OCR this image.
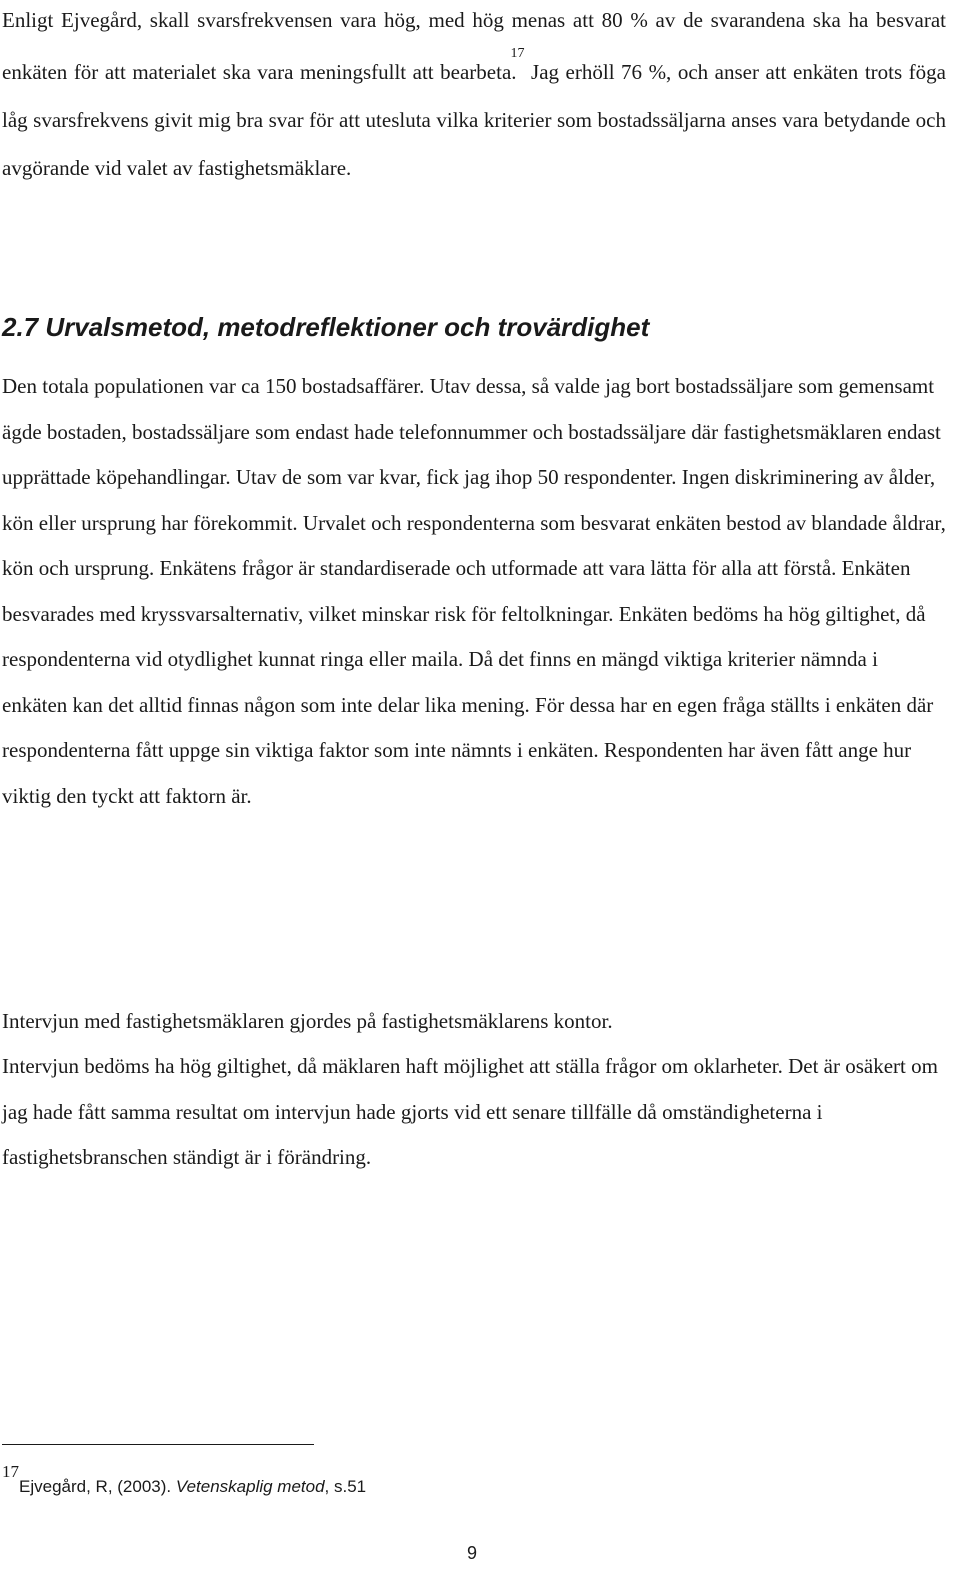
Enligt Ejvegård, skall svarsfrekvensen vara hög, med hög menas att 80 % av de svarandena ska ha besvarat enkäten för att materialet ska vara meningsfullt att bearbeta.$^{17}$ Jag erhöll 76 %, och anser att enkäten trots föga låg svarsfrekvens givit mig bra svar för att utesluta vilka kriterier som bostadssäljarna anses vara betydande och avgörande vid valet av fastighetsmäklare.

2.7 Urvalsmetod, metodreflektioner och trovärdighet

Den totala populationen var ca 150 bostadsaffärer. Utav dessa, så valde jag bort bostadssäljare som gemensamt ägde bostaden, bostadssäljare som endast hade telefonnummer och bostadssäljare där fastighetsmäklaren endast upprättade köpehandlingar. Utav de som var kvar, fick jag ihop 50 respondenter. Ingen diskriminering av ålder, kön eller ursprung har förekommit. Urvalet och respondenterna som besvarat enkäten bestod av blandade åldrar, kön och ursprung. Enkätens frågor är standardiserade och utformade att vara lätta för alla att förstå. Enkäten besvarades med kryssvarsalternativ, vilket minskar risk för feltolkningar. Enkäten bedöms ha hög giltighet, då respondenterna vid otydlighet kunnat ringa eller maila. Då det finns en mängd viktiga kriterier nämnda i enkäten kan det alltid finnas någon som inte delar lika mening. För dessa har en egen fråga ställts i enkäten där respondenterna fått uppge sin viktiga faktor som inte nämnts i enkäten. Respondenten har även fått ange hur viktig den tyckt att faktorn är.

Intervjun med fastighetsmäklaren gjordes på fastighetsmäklarens kontor.
Intervjun bedöms ha hög giltighet, då mäklaren haft möjlighet att ställa frågor om oklarheter. Det är osäkert om jag hade fått samma resultat om intervjun hade gjorts vid ett senare tillfälle då omständigheterna i fastighetsbranschen ständigt är i förändring.

17Ejvegård, R, (2003). Vetenskaplig metod, s.51

9
